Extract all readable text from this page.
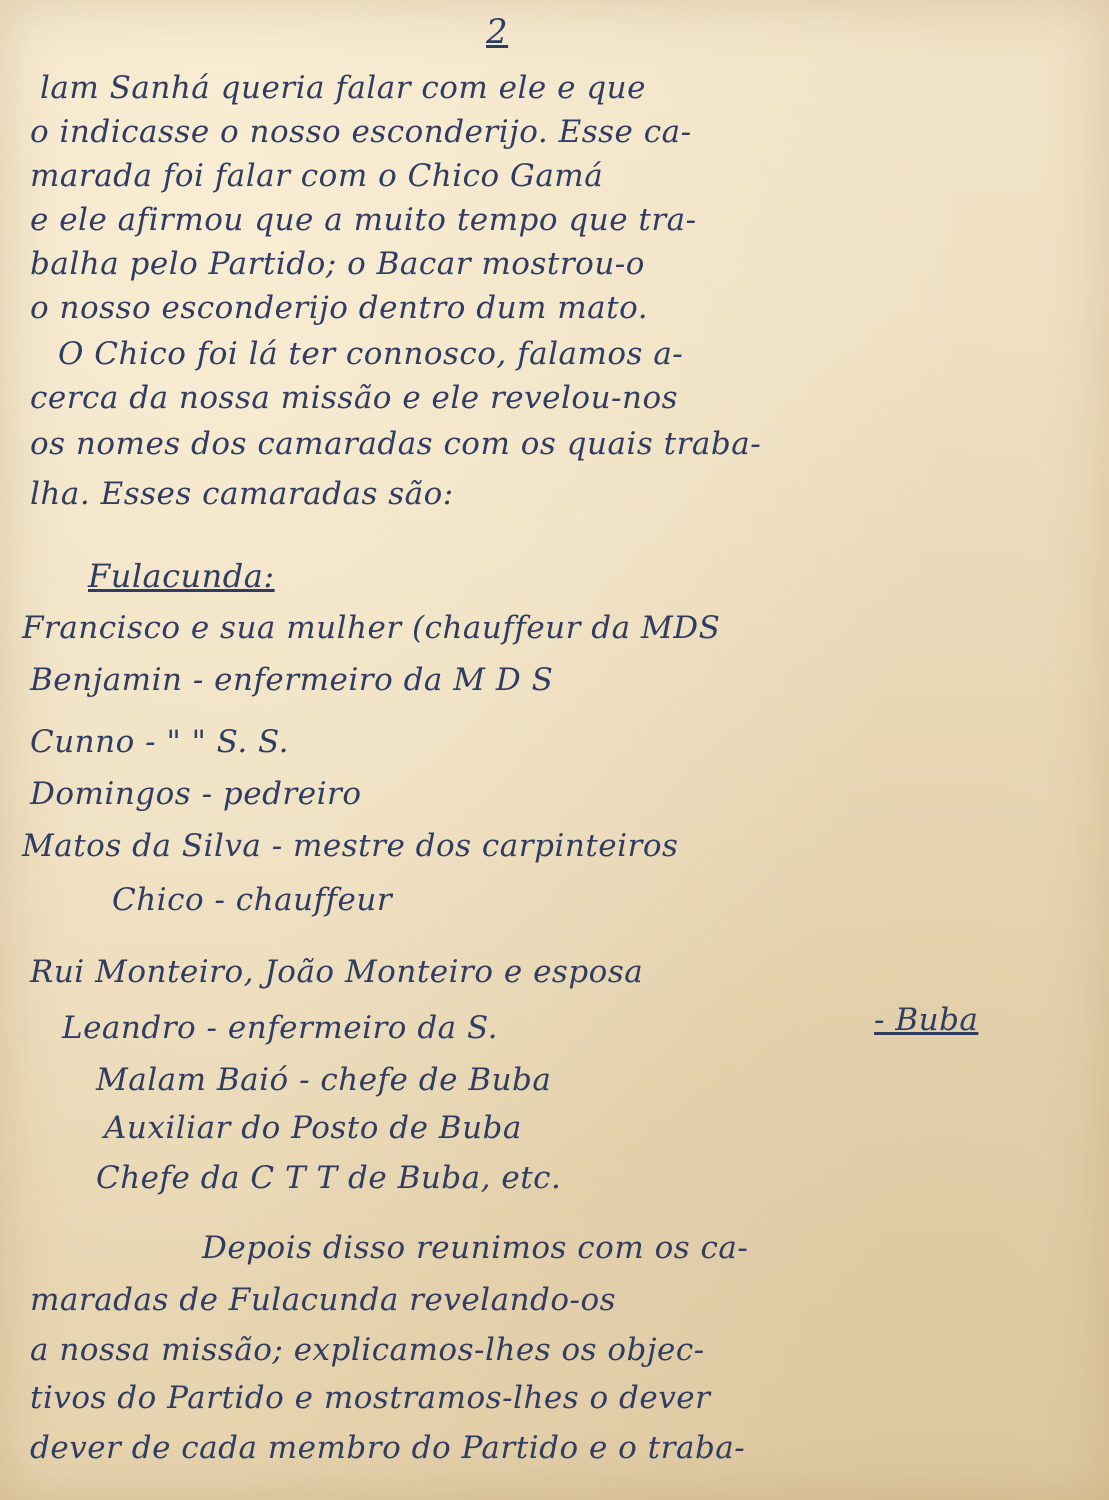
2
lam Sanhá queria falar com ele e que
o indicasse o nosso esconderijo. Esse ca-
marada foi falar com o Chico Gamá
e ele afirmou que a muito tempo que tra-
balha pelo Partido; o Bacar mostrou-o
o nosso esconderijo dentro dum mato.
O Chico foi lá ter connosco, falamos a-
cerca da nossa missão e ele revelou-nos
os nomes dos camaradas com os quais traba-
lha. Esses camaradas são:
Fulacunda:
Francisco e sua mulher (chauffeur da MDS
Benjamin - enfermeiro da M D S
Cunno - " " S. S.
Domingos - pedreiro
Matos da Silva - mestre dos carpinteiros
Chico - chauffeur
Rui Monteiro, João Monteiro e esposa
Leandro - enfermeiro da S.	- Buba
Malam Baió - chefe de Buba
Auxiliar do Posto de Buba
Chefe da C T T de Buba, etc.
Depois disso reunimos com os ca-
maradas de Fulacunda revelando-os
a nossa missão; explicamos-lhes os objec-
tivos do Partido e mostramos-lhes o dever
dever de cada membro do Partido e o traba-
